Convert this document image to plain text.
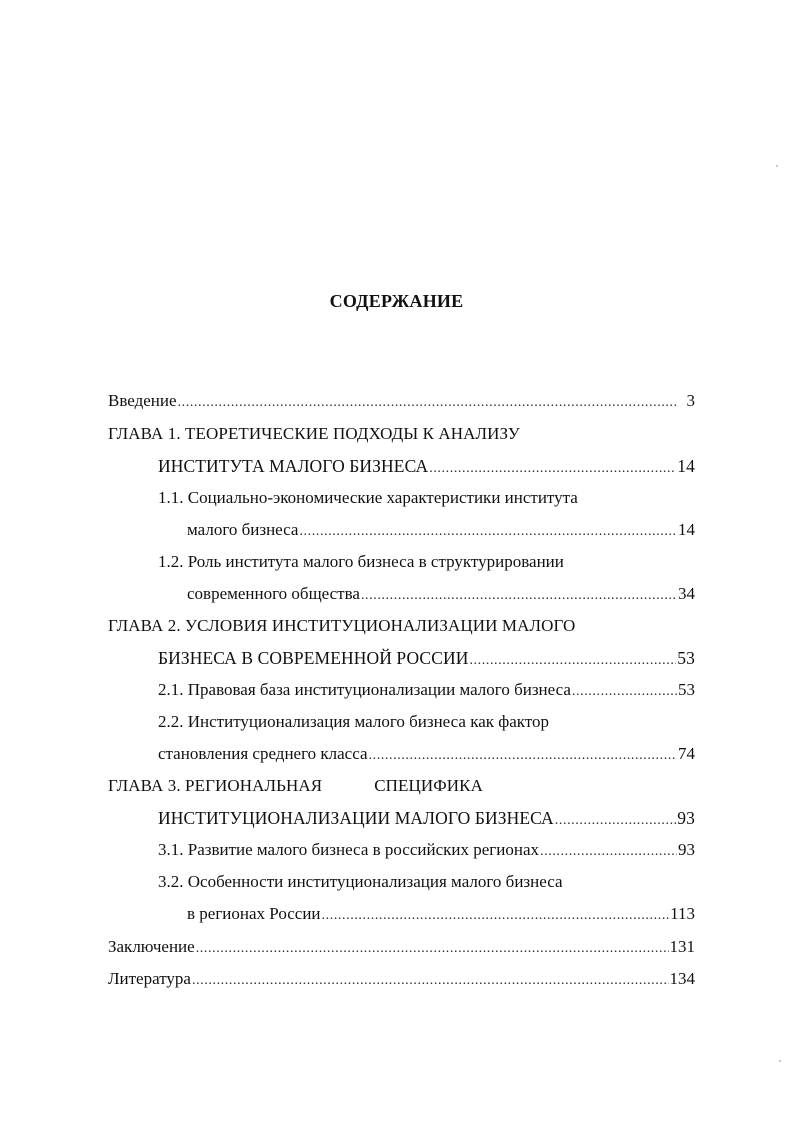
СОДЕРЖАНИЕ
Введение .....	3
ГЛАВА 1. ТЕОРЕТИЧЕСКИЕ ПОДХОДЫ К АНАЛИЗУ
ИНСТИТУТА МАЛОГО БИЗНЕСА .....	14
1.1. Социально-экономические характеристики института
малого бизнеса .....	14
1.2. Роль института малого бизнеса в структурировании
современного общества .....	34
ГЛАВА 2. УСЛОВИЯ ИНСТИТУЦИОНАЛИЗАЦИИ МАЛОГО
БИЗНЕСА В СОВРЕМЕННОЙ РОССИИ .....	53
2.1. Правовая база институционализации малого бизнеса .....	53
2.2. Институционализация малого бизнеса как фактор
становления среднего класса .....	74
ГЛАВА 3. РЕГИОНАЛЬНАЯ	СПЕЦИФИКА
ИНСТИТУЦИОНАЛИЗАЦИИ МАЛОГО БИЗНЕСА .....	93
3.1. Развитие малого бизнеса в российских регионах .....	93
3.2. Особенности институционализация малого бизнеса
в регионах России .....	113
Заключение .....	131
Литература .....	134
